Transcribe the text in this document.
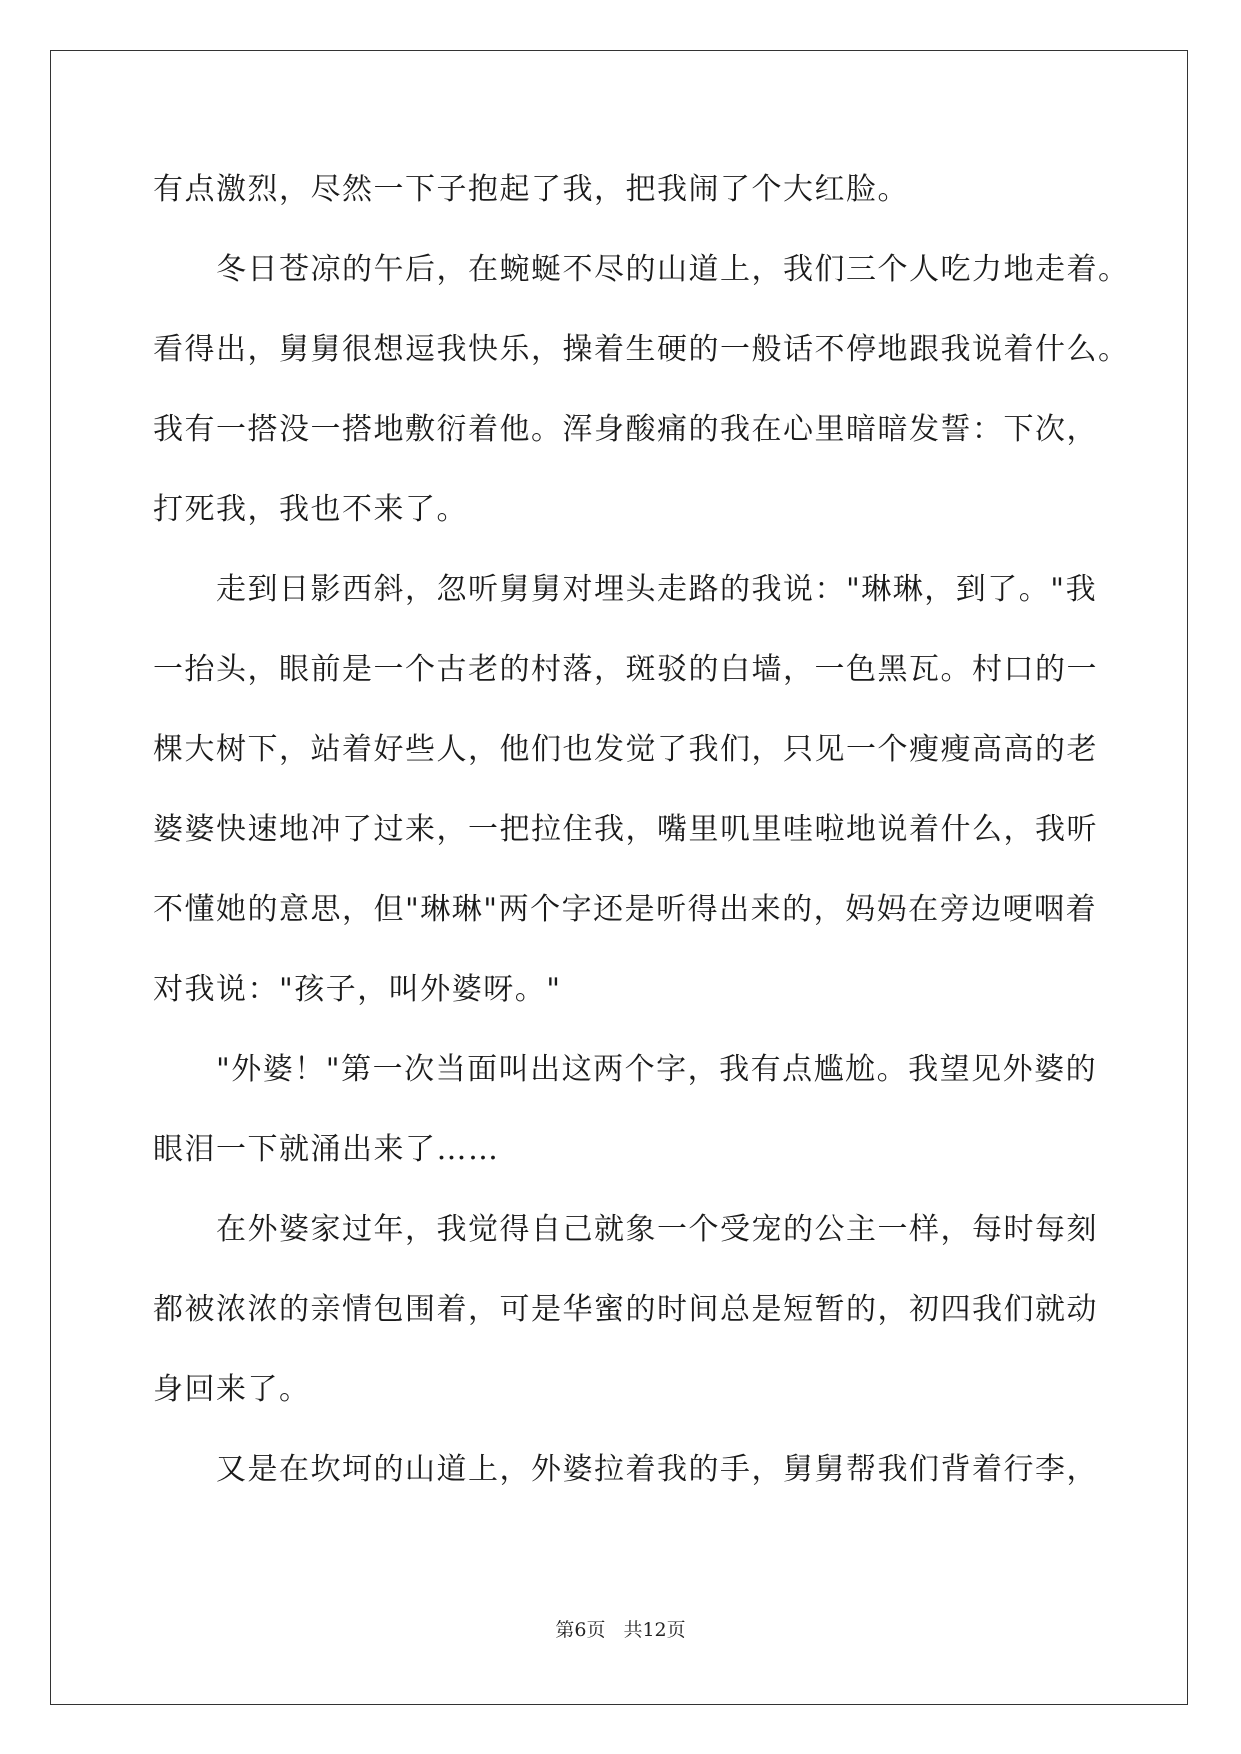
有点激烈，尽然一下子抱起了我，把我闹了个大红脸。
冬日苍凉的午后，在蜿蜒不尽的山道上，我们三个人吃力地走着。
看得出，舅舅很想逗我快乐，操着生硬的一般话不停地跟我说着什么。
我有一搭没一搭地敷衍着他。浑身酸痛的我在心里暗暗发誓：下次，
打死我，我也不来了。
走到日影西斜，忽听舅舅对埋头走路的我说："琳琳，到了。"我
一抬头，眼前是一个古老的村落，斑驳的白墙，一色黑瓦。村口的一
棵大树下，站着好些人，他们也发觉了我们，只见一个瘦瘦高高的老
婆婆快速地冲了过来，一把拉住我，嘴里叽里哇啦地说着什么，我听
不懂她的意思，但"琳琳"两个字还是听得出来的，妈妈在旁边哽咽着
对我说："孩子，叫外婆呀。"
"外婆！"第一次当面叫出这两个字，我有点尴尬。我望见外婆的
眼泪一下就涌出来了……
在外婆家过年，我觉得自己就象一个受宠的公主一样，每时每刻
都被浓浓的亲情包围着，可是华蜜的时间总是短暂的，初四我们就动
身回来了。
又是在坎坷的山道上，外婆拉着我的手，舅舅帮我们背着行李，
第6页 共12页
